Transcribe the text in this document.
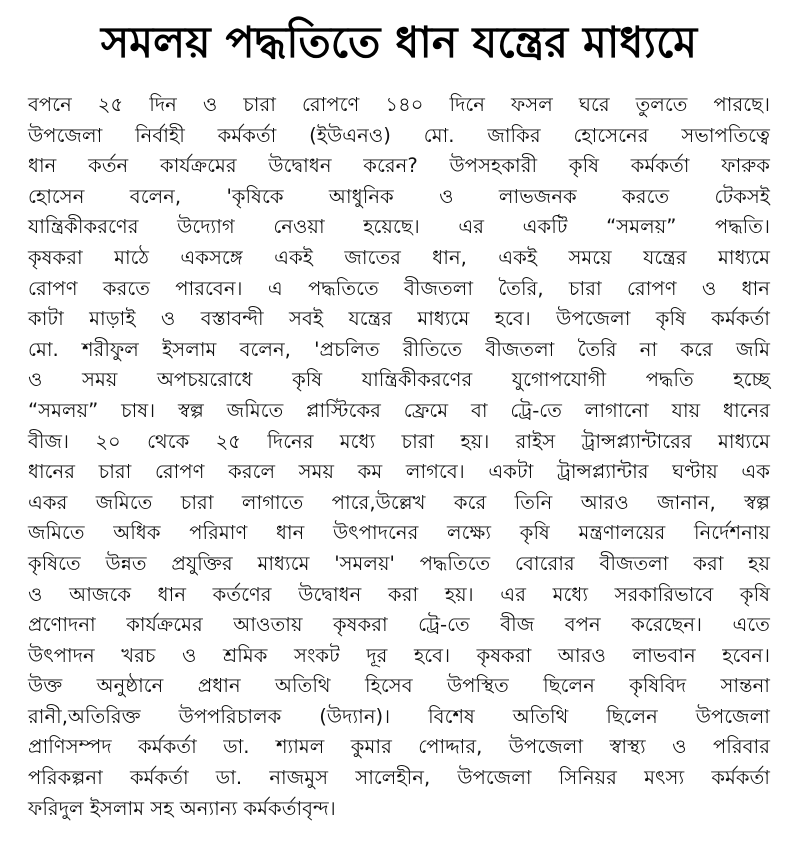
সমলয় পদ্ধতিতে ধান যন্ত্রের মাধ্যমে
বপনে ২৫ দিন ও চারা রোপণে ১৪০ দিনে ফসল ঘরে তুলতে পারছে।
উপজেলা নির্বাহী কর্মকর্তা (ইউএনও) মো. জাকির হোসেনের সভাপতিত্বে
ধান কর্তন কার্যক্রমের উদ্বোধন করেন? উপসহকারী কৃষি কর্মকর্তা ফারুক
হোসেন বলেন, 'কৃষিকে আধুনিক ও লাভজনক করতে টেকসই
যান্ত্রিকীকরণের উদ্যোগ নেওয়া হয়েছে। এর একটি “সমলয়” পদ্ধতি।
কৃষকরা মাঠে একসঙ্গে একই জাতের ধান, একই সময়ে যন্ত্রের মাধ্যমে
রোপণ করতে পারবেন। এ পদ্ধতিতে বীজতলা তৈরি, চারা রোপণ ও ধান
কাটা মাড়াই ও বস্তাবন্দী সবই যন্ত্রের মাধ্যমে হবে। উপজেলা কৃষি কর্মকর্তা
মো. শরীফুল ইসলাম বলেন, 'প্রচলিত রীতিতে বীজতলা তৈরি না করে জমি
ও সময় অপচয়রোধে কৃষি যান্ত্রিকীকরণের যুগোপযোগী পদ্ধতি হচ্ছে
“সমলয়” চাষ। স্বল্প জমিতে প্লাস্টিকের ফ্রেমে বা ট্রে-তে লাগানো যায় ধানের
বীজ। ২০ থেকে ২৫ দিনের মধ্যে চারা হয়। রাইস ট্রান্সপ্ল্যান্টারের মাধ্যমে
ধানের চারা রোপণ করলে সময় কম লাগবে। একটা ট্রান্সপ্ল্যান্টার ঘণ্টায় এক
একর জমিতে চারা লাগাতে পারে,উল্লেখ করে তিনি আরও জানান, স্বল্প
জমিতে অধিক পরিমাণ ধান উৎপাদনের লক্ষ্যে কৃষি মন্ত্রণালয়ের নির্দেশনায়
কৃষিতে উন্নত প্রযুক্তির মাধ্যমে 'সমলয়' পদ্ধতিতে বোরোর বীজতলা করা হয়
ও আজকে ধান কর্তণের উদ্বোধন করা হয়। এর মধ্যে সরকারিভাবে কৃষি
প্রণোদনা কার্যক্রমের আওতায় কৃষকরা ট্রে-তে বীজ বপন করেছেন। এতে
উৎপাদন খরচ ও শ্রমিক সংকট দূর হবে। কৃষকরা আরও লাভবান হবেন।
উক্ত অনুষ্ঠানে প্রধান অতিথি হিসেব উপস্থিত ছিলেন কৃষিবিদ সান্তনা
রানী,অতিরিক্ত উপপরিচালক (উদ্যান)। বিশেষ অতিথি ছিলেন উপজেলা
প্রাণিসম্পদ কর্মকর্তা ডা. শ্যামল কুমার পোদ্দার, উপজেলা স্বাস্থ্য ও পরিবার
পরিকল্পনা কর্মকর্তা ডা. নাজমুস সালেহীন, উপজেলা সিনিয়র মৎস্য কর্মকর্তা
ফরিদুল ইসলাম সহ অন্যান্য কর্মকর্তাবৃন্দ।
